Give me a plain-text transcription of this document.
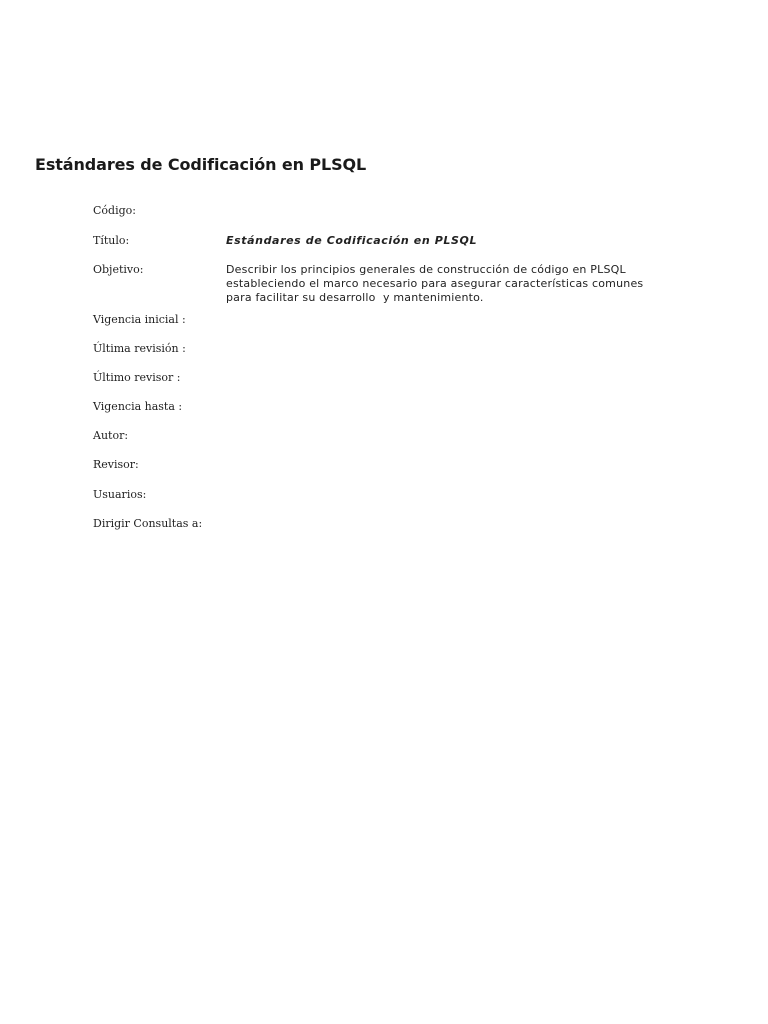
Estándares de Codificación en PLSQL
Código:
Título:	Estándares de Codificación en PLSQL
Objetivo:	Describir los principios generales de construcción de código en PLSQL
estableciendo el marco necesario para asegurar características comunes
para facilitar su desarrollo  y mantenimiento.
Vigencia inicial :
Última revisión :
Último revisor :
Vigencia hasta :
Autor:
Revisor:
Usuarios:
Dirigir Consultas a:
